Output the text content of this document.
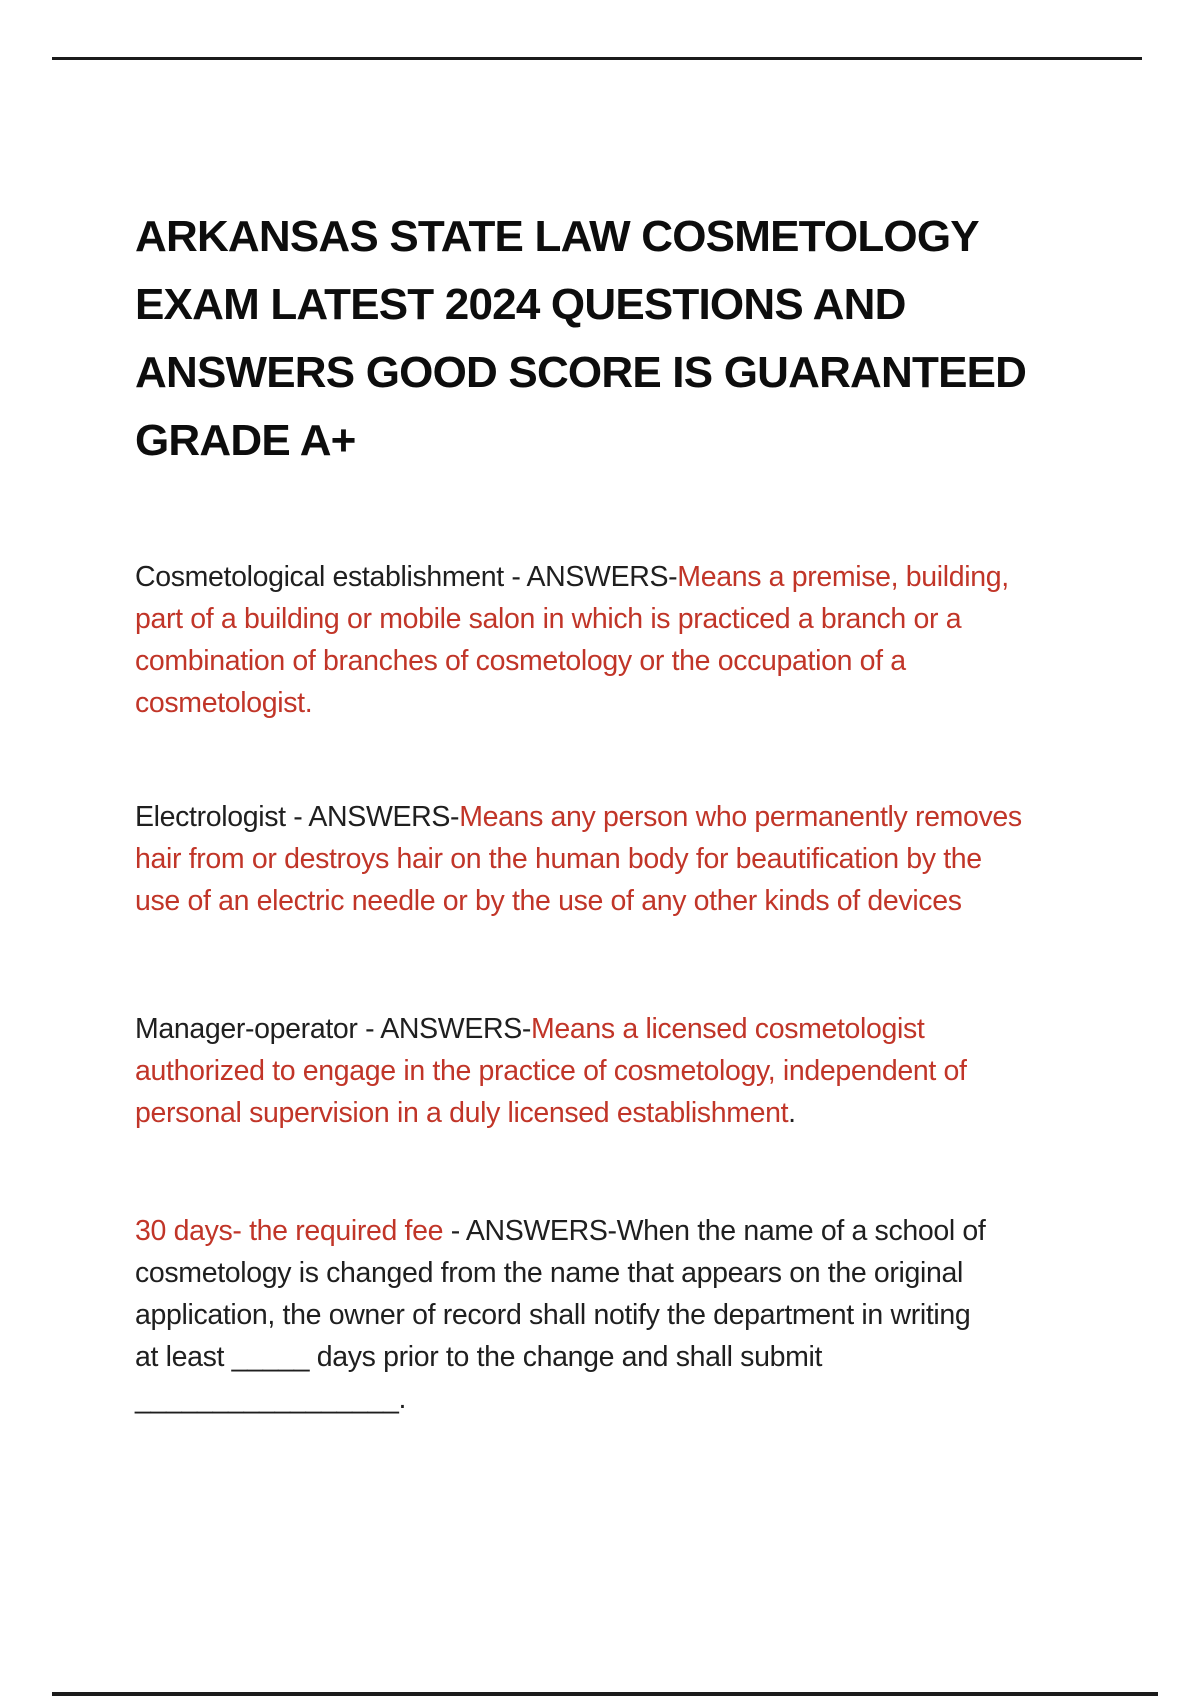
ARKANSAS STATE LAW COSMETOLOGY
EXAM LATEST 2024 QUESTIONS AND
ANSWERS GOOD SCORE IS GUARANTEED
GRADE A+
Cosmetological establishment - ANSWERS-Means a premise, building,
part of a building or mobile salon in which is practiced a branch or a
combination of branches of cosmetology or the occupation of a
cosmetologist.
Electrologist - ANSWERS-Means any person who permanently removes
hair from or destroys hair on the human body for beautification by the
use of an electric needle or by the use of any other kinds of devices
Manager-operator - ANSWERS-Means a licensed cosmetologist
authorized to engage in the practice of cosmetology, independent of
personal supervision in a duly licensed establishment.
30 days- the required fee - ANSWERS-When the name of a school of
cosmetology is changed from the name that appears on the original
application, the owner of record shall notify the department in writing
at least _____ days prior to the change and shall submit
_________________.
